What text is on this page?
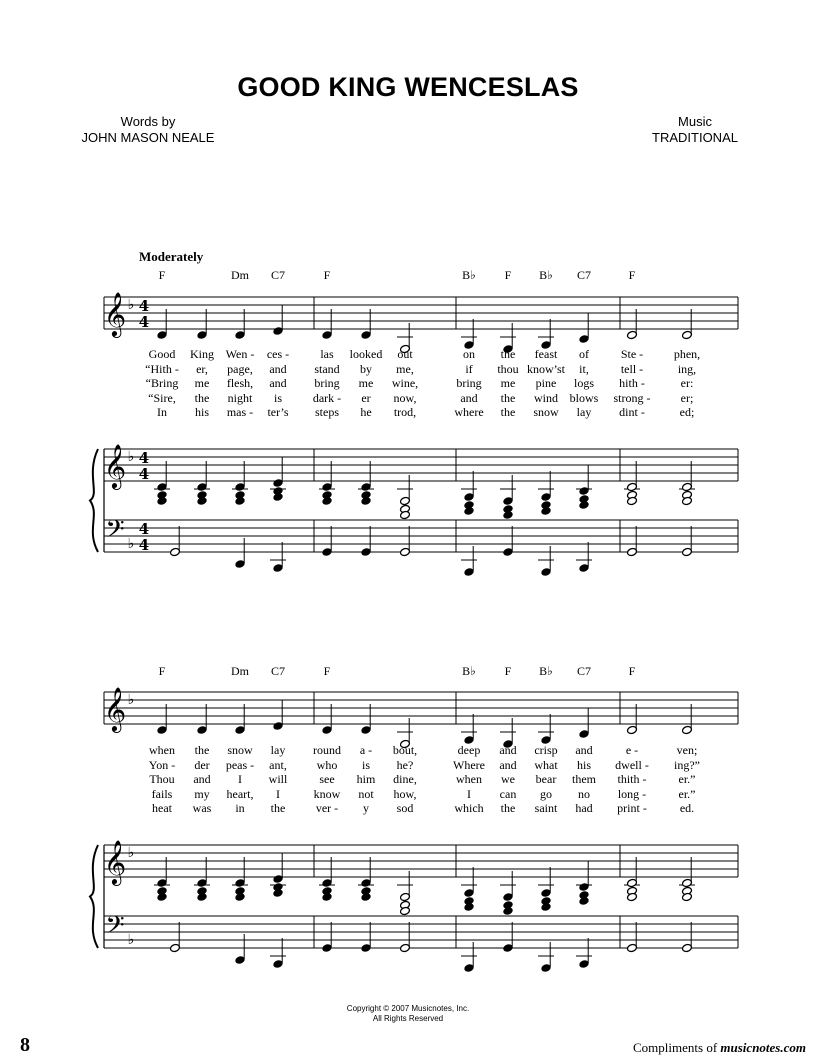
GOOD KING WENCESLAS
Words by
JOHN MASON NEALE
Music
TRADITIONAL
Moderately
𝄞 ♭ 4
4
𝄞
𝄢
♭
♭
4
4
4
4
𝄞 ♭
𝄞
𝄢
♭
♭
F	Dm C7	F	B♭ F B♭ C7	F
Good King Wen - ces -	las looked out	on the feast of	Ste -	phen,
“Hith - er, page, and stand by me,	if thou know’st it,	tell -	ing,
“Bring me flesh, and bring me wine,	bring me pine logs hith -	er:
“Sire, the night is	dark - er now,	and the wind blows strong -	er;
In his mas - ter’s steps he trod,	where the snow lay dint -	ed;
F	Dm C7	F	B♭ F B♭ C7	F
when the snow lay round a - bout,	deep and crisp and	e -	ven;
Yon - der peas - ant, who is he?	Where and what his dwell - ing?”
Thou and I will	see him dine,	when we bear them thith -	er.”
fails my heart, I	know not how,	I can go no long -	er.”
heat was in the	ver - y sod	which the saint had print -	ed.
Copyright © 2007 Musicnotes, Inc.
All Rights Reserved
8	Compliments of musicnotes.com
